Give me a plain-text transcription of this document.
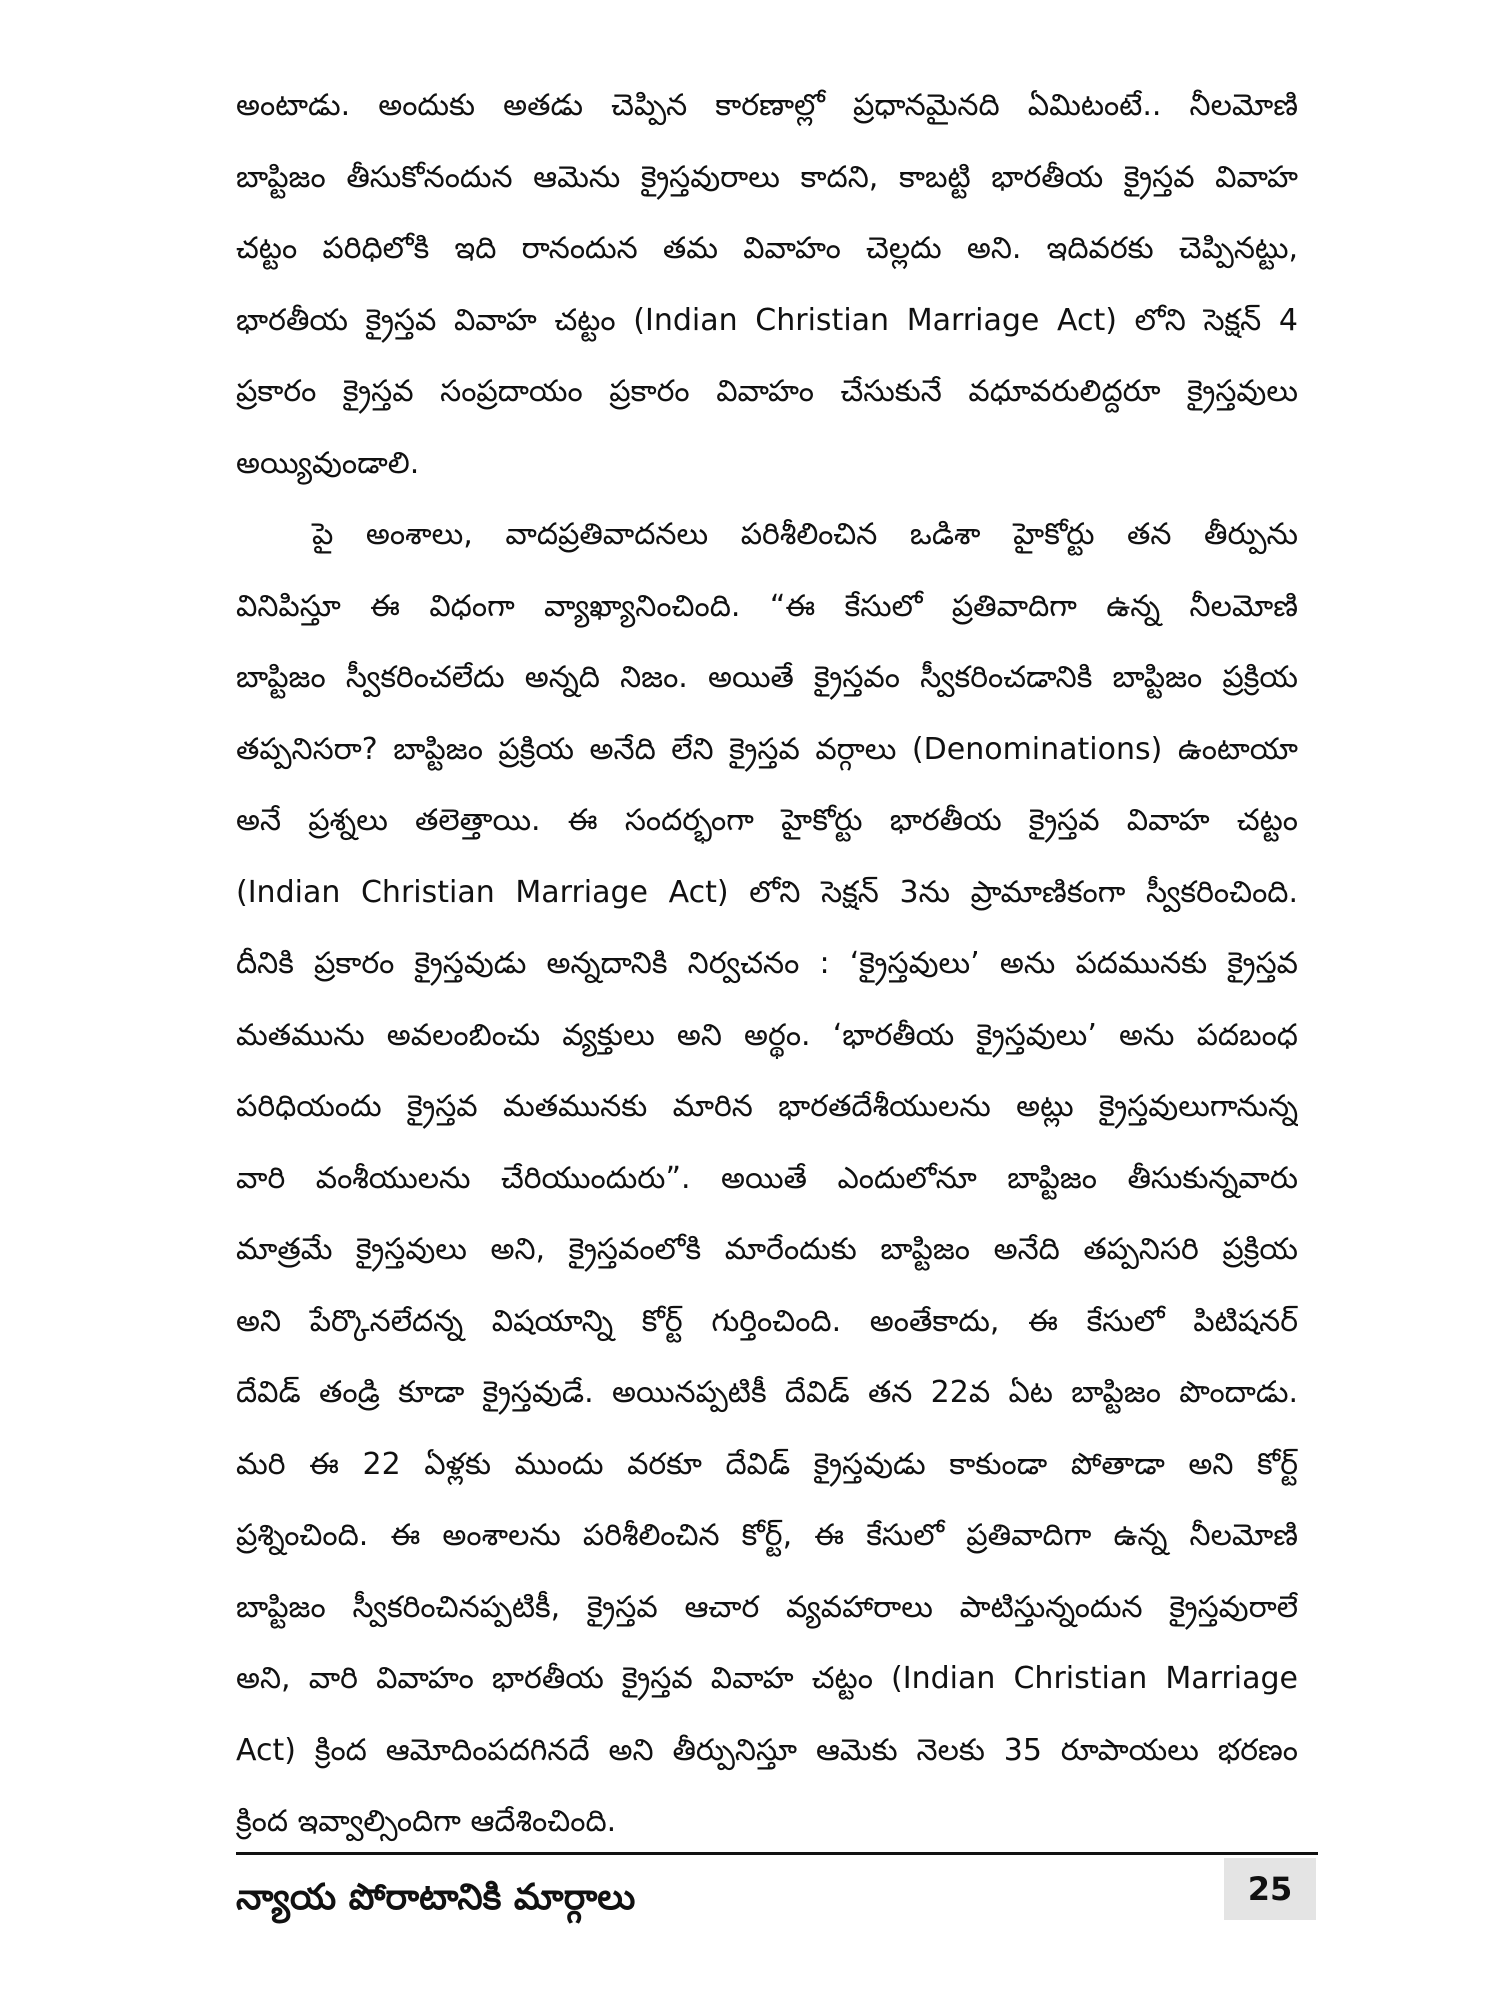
అంటాడు. అందుకు అతడు చెప్పిన కారణాల్లో ప్రధానమైనది ఏమిటంటే.. నీలమోణి
బాప్టిజం తీసుకోనందున ఆమెను క్రైస్తవురాలు కాదని, కాబట్టి భారతీయ క్రైస్తవ వివాహ
చట్టం పరిధిలోకి ఇది రానందున తమ వివాహం చెల్లదు అని. ఇదివరకు చెప్పినట్టు,
భారతీయ క్రైస్తవ వివాహ చట్టం (Indian Christian Marriage Act) లోని సెక్షన్ 4
ప్రకారం క్రైస్తవ సంప్రదాయం ప్రకారం వివాహం చేసుకునే వధూవరులిద్దరూ క్రైస్తవులు
అయ్యివుండాలి.
పై అంశాలు, వాదప్రతివాదనలు పరిశీలించిన ఒడిశా హైకోర్టు తన తీర్పును
వినిపిస్తూ ఈ విధంగా వ్యాఖ్యానించింది. “ఈ కేసులో ప్రతివాదిగా ఉన్న నీలమోణి
బాప్టిజం స్వీకరించలేదు అన్నది నిజం. అయితే క్రైస్తవం స్వీకరించడానికి బాప్టిజం ప్రక్రియ
తప్పనిసరా? బాప్టిజం ప్రక్రియ అనేది లేని క్రైస్తవ వర్గాలు (Denominations) ఉంటాయా
అనే ప్రశ్నలు తలెత్తాయి. ఈ సందర్భంగా హైకోర్టు భారతీయ క్రైస్తవ వివాహ చట్టం
(Indian Christian Marriage Act) లోని సెక్షన్ 3ను ప్రామాణికంగా స్వీకరించింది.
దీనికి ప్రకారం క్రైస్తవుడు అన్నదానికి నిర్వచనం : ‘క్రైస్తవులు’ అను పదమునకు క్రైస్తవ
మతమును అవలంబించు వ్యక్తులు అని అర్థం. ‘భారతీయ క్రైస్తవులు’ అను పదబంధ
పరిధియందు క్రైస్తవ మతమునకు మారిన భారతదేశీయులను అట్లు క్రైస్తవులుగానున్న
వారి వంశీయులను చేరియుందురు”. అయితే ఎందులోనూ బాప్టిజం తీసుకున్నవారు
మాత్రమే క్రైస్తవులు అని, క్రైస్తవంలోకి మారేందుకు బాప్టిజం అనేది తప్పనిసరి ప్రక్రియ
అని పేర్కొనలేదన్న విషయాన్ని కోర్ట్ గుర్తించింది. అంతేకాదు, ఈ కేసులో పిటిషనర్
దేవిడ్ తండ్రి కూడా క్రైస్తవుడే. అయినప్పటికీ దేవిడ్ తన 22వ ఏట బాప్టిజం పొందాడు.
మరి ఈ 22 ఏళ్లకు ముందు వరకూ దేవిడ్ క్రైస్తవుడు కాకుండా పోతాడా అని కోర్ట్
ప్రశ్నించింది. ఈ అంశాలను పరిశీలించిన కోర్ట్, ఈ కేసులో ప్రతివాదిగా ఉన్న నీలమోణి
బాప్టిజం స్వీకరించినప్పటికీ, క్రైస్తవ ఆచార వ్యవహారాలు పాటిస్తున్నందున క్రైస్తవురాలే
అని, వారి వివాహం భారతీయ క్రైస్తవ వివాహ చట్టం (Indian Christian Marriage
Act) క్రింద ఆమోదింపదగినదే అని తీర్పునిస్తూ ఆమెకు నెలకు 35 రూపాయలు భరణం
క్రింద ఇవ్వాల్సిందిగా ఆదేశించింది.
న్యాయ పోరాటానికి మార్గాలు	25
